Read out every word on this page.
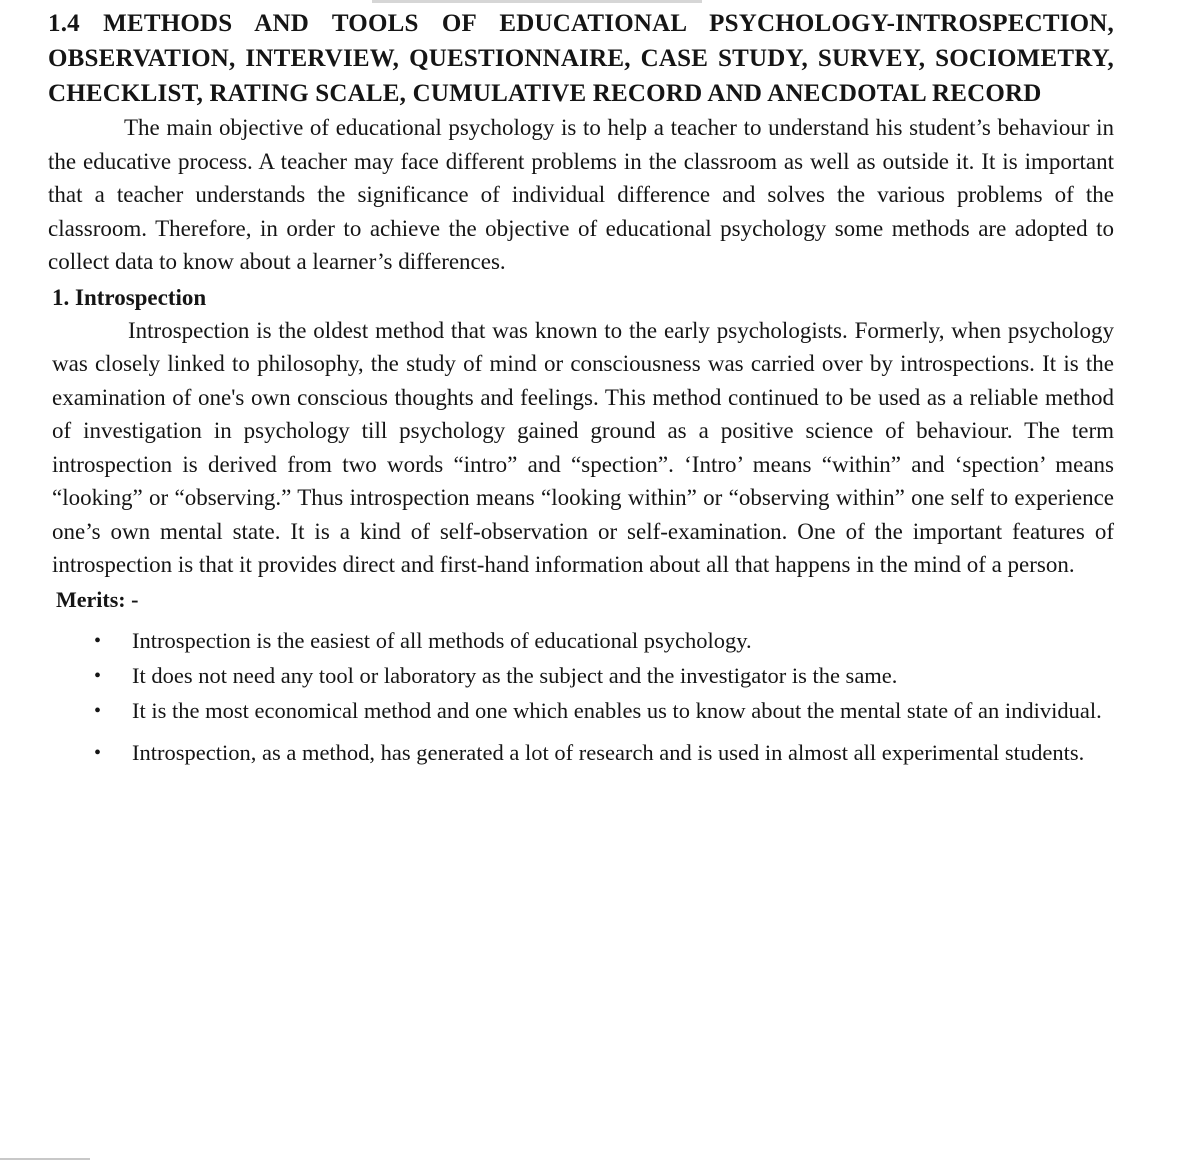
1.4 METHODS AND TOOLS OF EDUCATIONAL PSYCHOLOGY-INTROSPECTION, OBSERVATION, INTERVIEW, QUESTIONNAIRE, CASE STUDY, SURVEY, SOCIOMETRY, CHECKLIST, RATING SCALE, CUMULATIVE RECORD AND ANECDOTAL RECORD

The main objective of educational psychology is to help a teacher to understand his student’s behaviour in the educative process. A teacher may face different problems in the classroom as well as outside it. It is important that a teacher understands the significance of individual difference and solves the various problems of the classroom. Therefore, in order to achieve the objective of educational psychology some methods are adopted to collect data to know about a learner’s differences.

1. Introspection

Introspection is the oldest method that was known to the early psychologists. Formerly, when psychology was closely linked to philosophy, the study of mind or consciousness was carried over by introspections. It is the examination of one's own conscious thoughts and feelings. This method continued to be used as a reliable method of investigation in psychology till psychology gained ground as a positive science of behaviour. The term introspection is derived from two words “intro” and “spection”. ‘Intro’ means “within” and ‘spection’ means “looking” or “observing.” Thus introspection means “looking within” or “observing within” one self to experience one’s own mental state. It is a kind of self-observation or self-examination. One of the important features of introspection is that it provides direct and first-hand information about all that happens in the mind of a person.

Merits: -

• Introspection is the easiest of all methods of educational psychology.
• It does not need any tool or laboratory as the subject and the investigator is the same.
• It is the most economical method and one which enables us to know about the mental state of an individual.
• Introspection, as a method, has generated a lot of research and is used in almost all experimental students.
